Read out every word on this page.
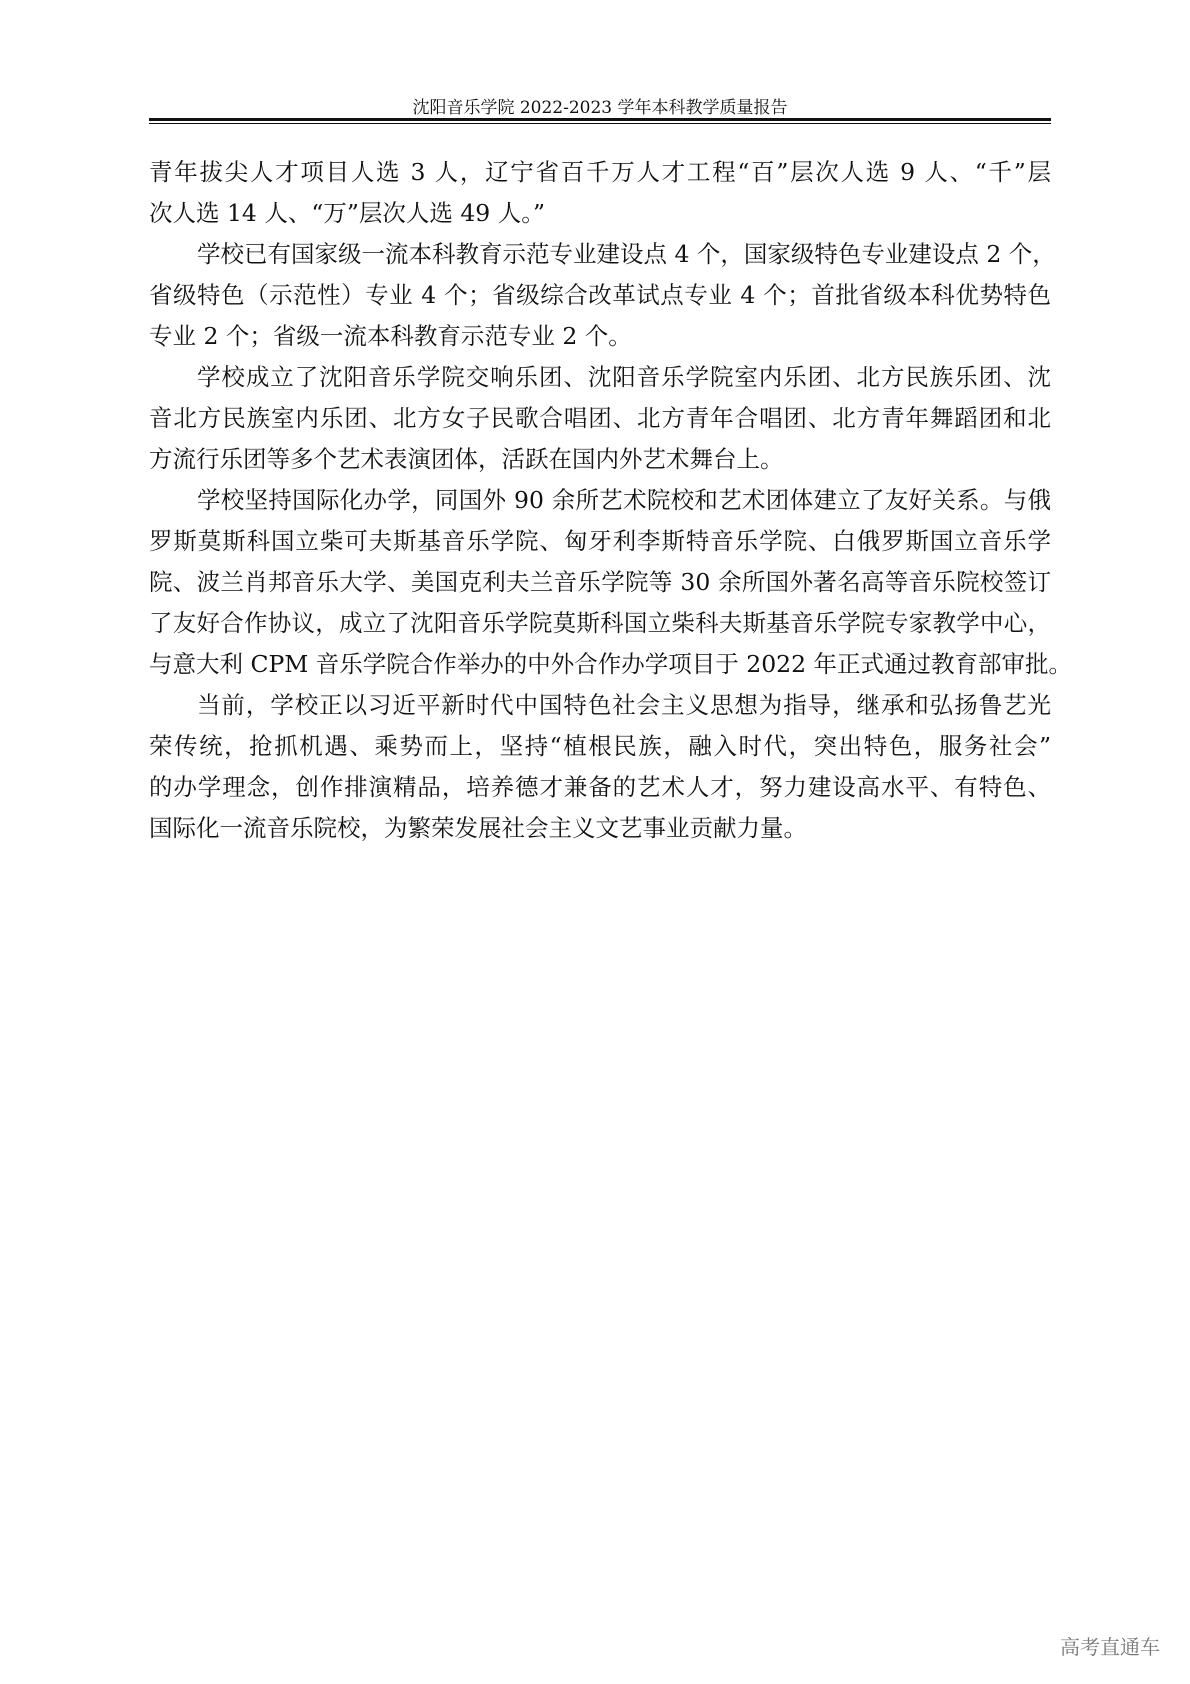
沈阳音乐学院 2022-2023 学年本科教学质量报告
青年拔尖人才项目人选 3 人，辽宁省百千万人才工程“百”层次人选 9 人、“千”层
次人选 14 人、“万”层次人选 49 人。”
学校已有国家级一流本科教育示范专业建设点 4 个，国家级特色专业建设点 2 个，
省级特色（示范性）专业 4 个；省级综合改革试点专业 4 个；首批省级本科优势特色
专业 2 个；省级一流本科教育示范专业 2 个。
学校成立了沈阳音乐学院交响乐团、沈阳音乐学院室内乐团、北方民族乐团、沈
音北方民族室内乐团、北方女子民歌合唱团、北方青年合唱团、北方青年舞蹈团和北
方流行乐团等多个艺术表演团体，活跃在国内外艺术舞台上。
学校坚持国际化办学，同国外 90 余所艺术院校和艺术团体建立了友好关系。与俄
罗斯莫斯科国立柴可夫斯基音乐学院、匈牙利李斯特音乐学院、白俄罗斯国立音乐学
院、波兰肖邦音乐大学、美国克利夫兰音乐学院等 30 余所国外著名高等音乐院校签订
了友好合作协议，成立了沈阳音乐学院莫斯科国立柴科夫斯基音乐学院专家教学中心，
与意大利 CPM 音乐学院合作举办的中外合作办学项目于 2022 年正式通过教育部审批。
当前，学校正以习近平新时代中国特色社会主义思想为指导，继承和弘扬鲁艺光
荣传统，抢抓机遇、乘势而上，坚持“植根民族，融入时代，突出特色，服务社会”
的办学理念，创作排演精品，培养德才兼备的艺术人才，努力建设高水平、有特色、
国际化一流音乐院校，为繁荣发展社会主义文艺事业贡献力量。
高考直通车
